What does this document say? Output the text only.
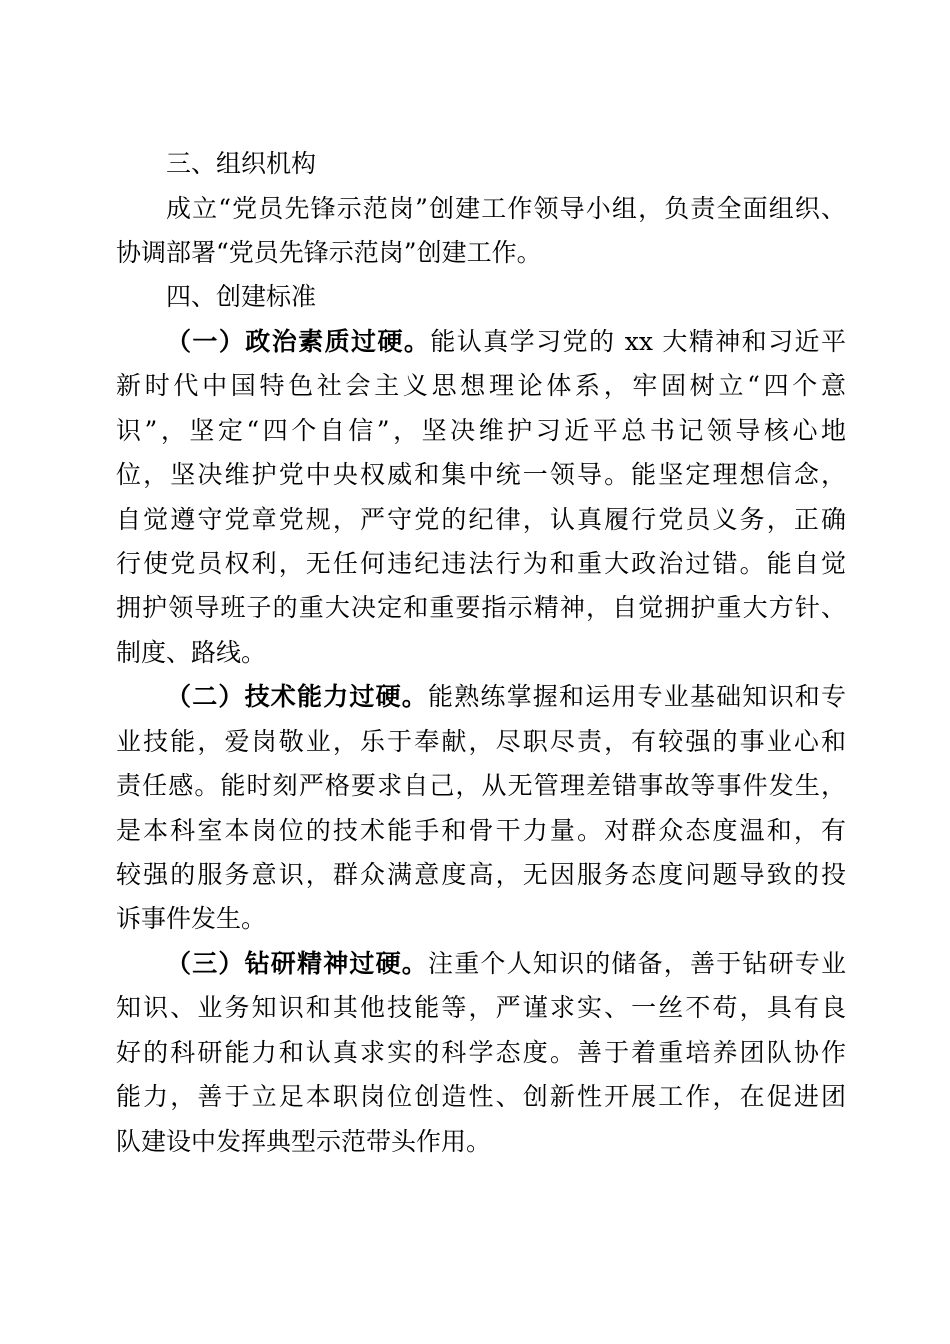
三、组织机构
成立“党员先锋示范岗”创建工作领导小组，负责全面组织、
协调部署“党员先锋示范岗”创建工作。
四、创建标准
（一）政治素质过硬。能认真学习党的 xx 大精神和习近平
新时代中国特色社会主义思想理论体系，牢固树立“四个意
识”，坚定“四个自信”，坚决维护习近平总书记领导核心地
位，坚决维护党中央权威和集中统一领导。能坚定理想信念，
自觉遵守党章党规，严守党的纪律，认真履行党员义务，正确
行使党员权利，无任何违纪违法行为和重大政治过错。能自觉
拥护领导班子的重大决定和重要指示精神，自觉拥护重大方针、
制度、路线。
（二）技术能力过硬。能熟练掌握和运用专业基础知识和专
业技能，爱岗敬业，乐于奉献，尽职尽责，有较强的事业心和
责任感。能时刻严格要求自己，从无管理差错事故等事件发生，
是本科室本岗位的技术能手和骨干力量。对群众态度温和，有
较强的服务意识，群众满意度高，无因服务态度问题导致的投
诉事件发生。
（三）钻研精神过硬。注重个人知识的储备，善于钻研专业
知识、业务知识和其他技能等，严谨求实、一丝不苟，具有良
好的科研能力和认真求实的科学态度。善于着重培养团队协作
能力，善于立足本职岗位创造性、创新性开展工作，在促进团
队建设中发挥典型示范带头作用。
